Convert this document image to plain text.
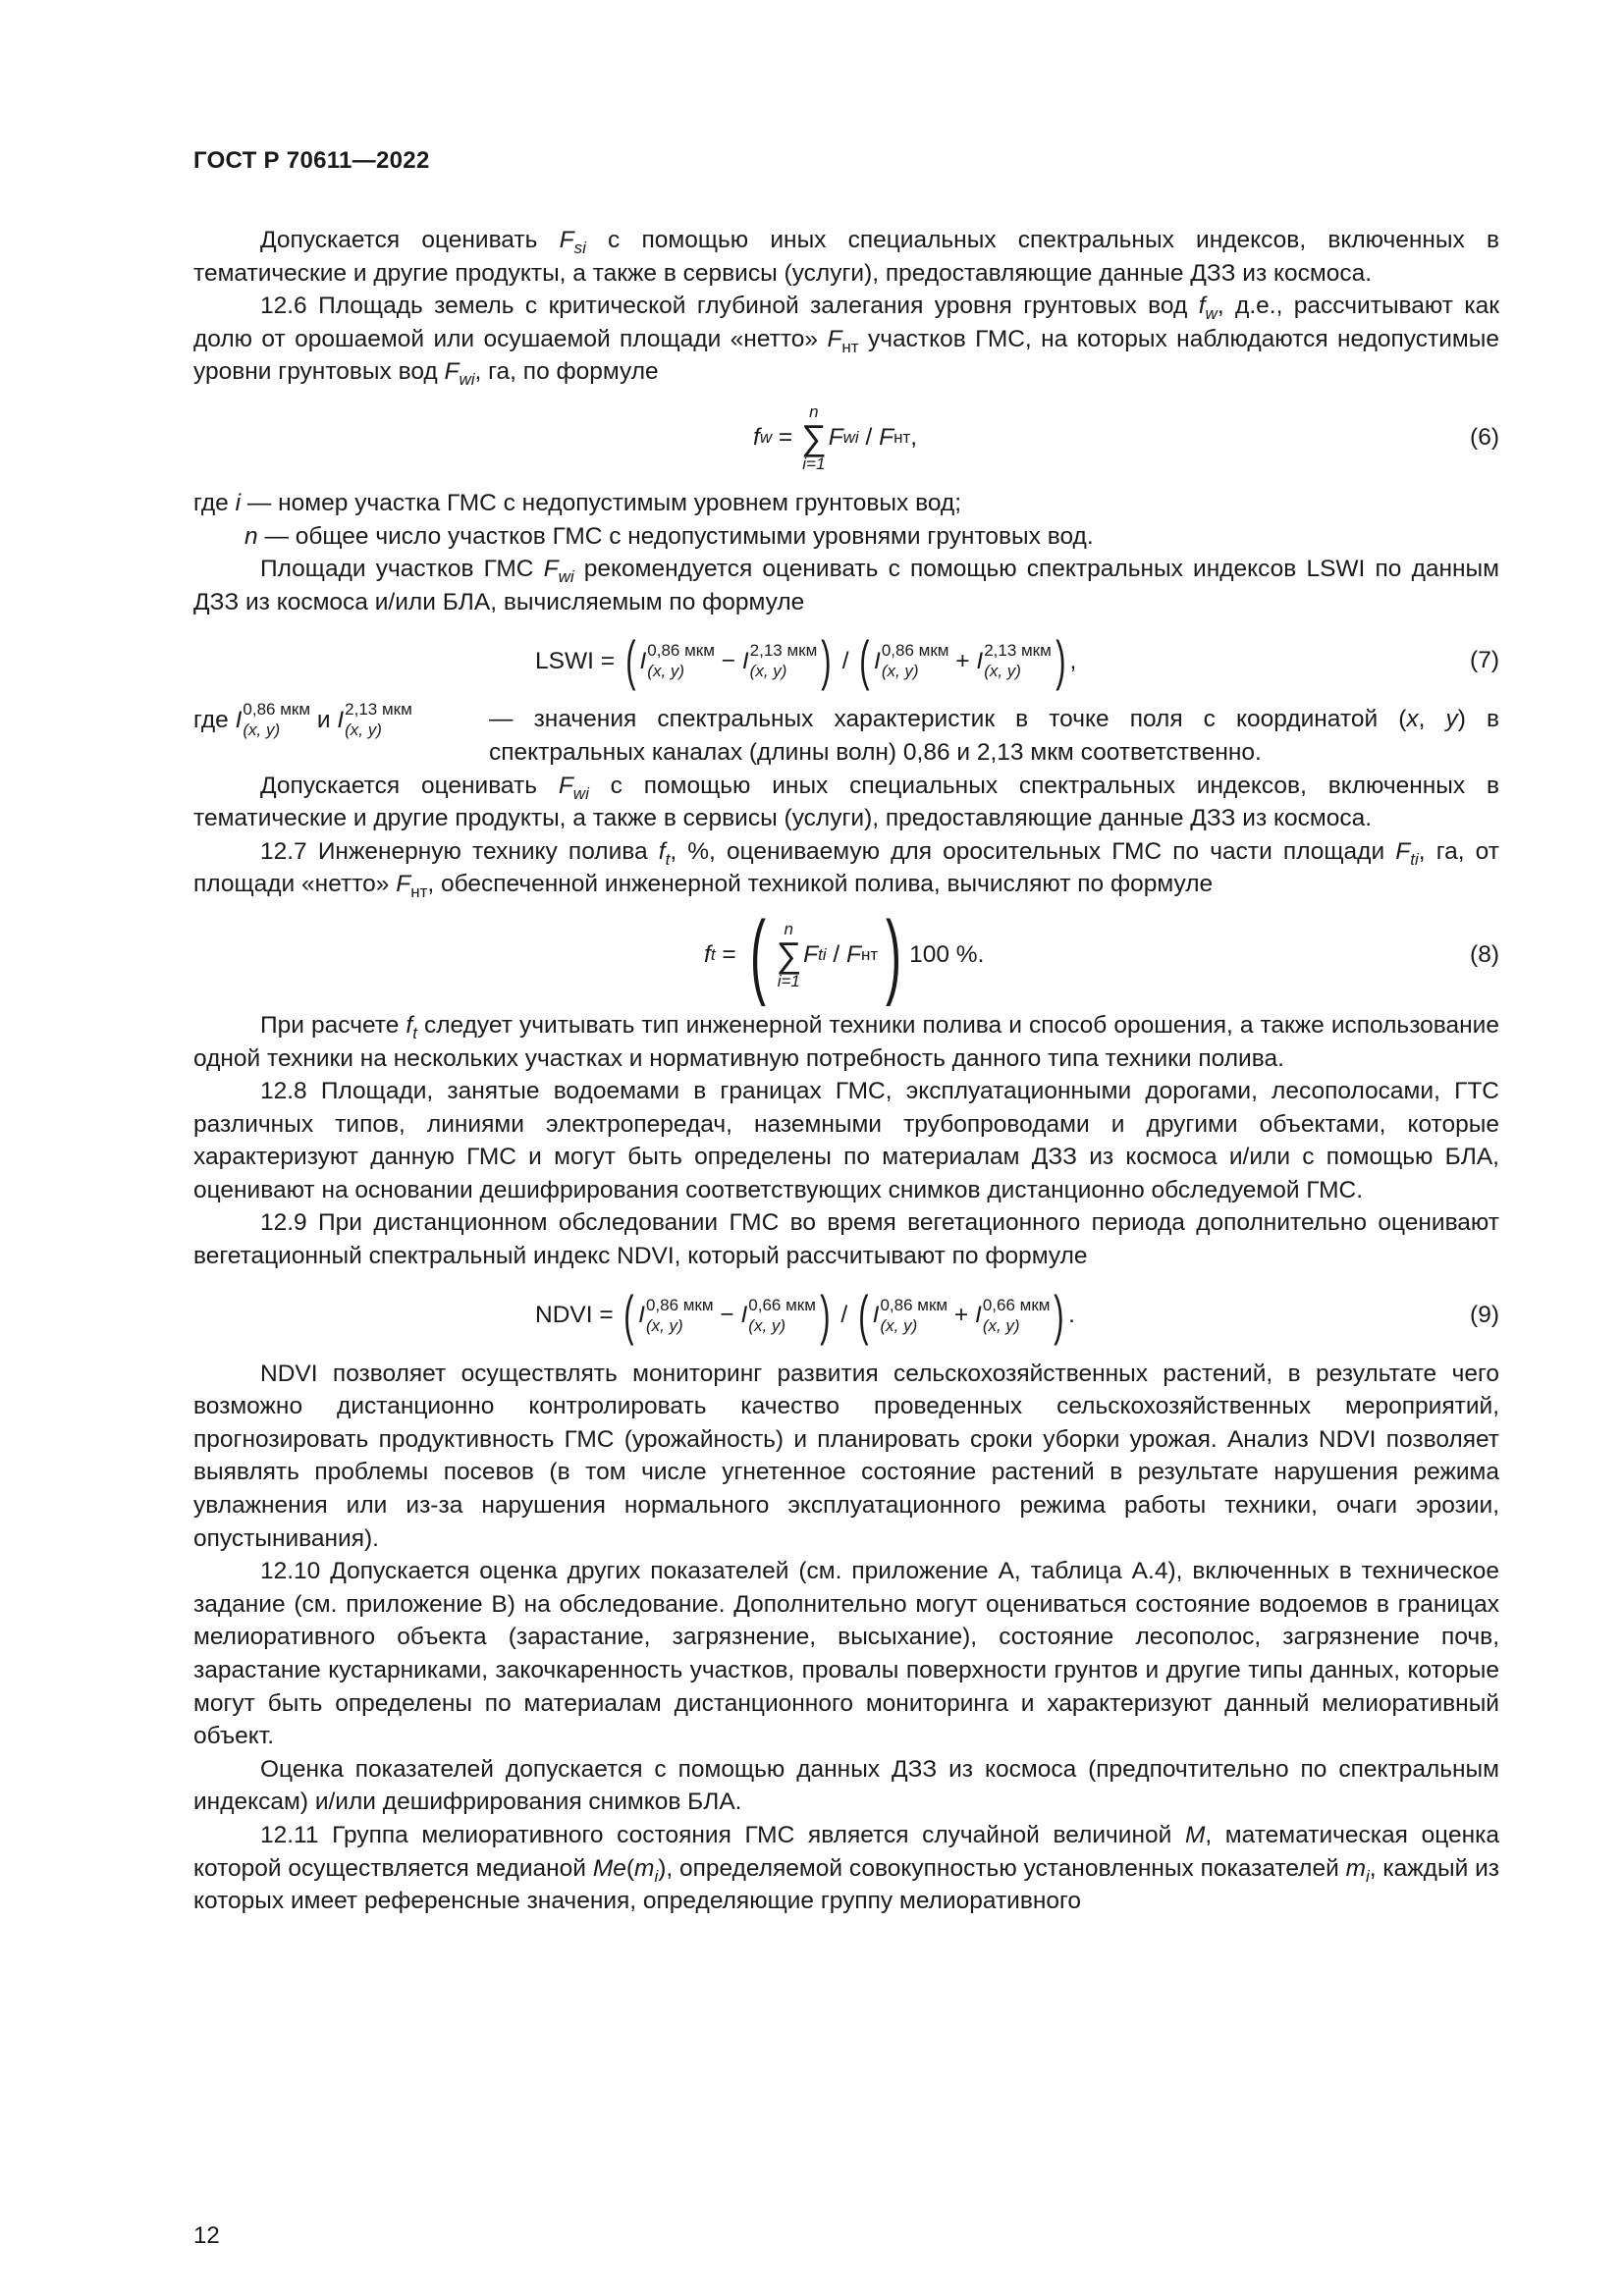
ГОСТ Р 70611—2022

Допускается оценивать $F_{si}$ с помощью иных специальных спектральных индексов, включенных в тематические и другие продукты, а также в сервисы (услуги), предоставляющие данные ДЗЗ из космоса.

12.6 Площадь земель с критической глубиной залегания уровня грунтовых вод $f_w$, д.е., рассчитывают как долю от орошаемой или осушаемой площади «нетто» $F_{нт}$ участков ГМС, на которых наблюдаются недопустимые уровни грунтовых вод $F_{wi}$, га, по формуле

f w =
n
∑
i=1
F wi / F нт ,	(6)
где i — номер участка ГМС с недопустимым уровнем грунтовых вод;
n — общее число участков ГМС с недопустимыми уровнями грунтовых вод.

Площади участков ГМС $F_{wi}$ рекомендуется оценивать с помощью спектральных индексов LSWI по данным ДЗЗ из космоса и/или БЛА, вычисляемым по формуле

LSWI = ( I 0,86 мкм
(x, y)	− I 2,13 мкм
(x, y) ) / ( I 0,86 мкм
(x, y)	+ I 2,13 мкм
(x, y) ) ,	(7)
где I 0,86 мкм
(x, y)	и I 2,13 мкм
(x, y)	— значения спектральных характеристик в точке поля с координатой (x, y) в спектральных каналах (длины волн) 0,86 и 2,13 мкм соответственно.

Допускается оценивать $F_{wi}$ с помощью иных специальных спектральных индексов, включенных в тематические и другие продукты, а также в сервисы (услуги), предоставляющие данные ДЗЗ из космоса.

12.7 Инженерную технику полива $f_t$, %, оцениваемую для оросительных ГМС по части площади $F_{ti}$, га, от площади «нетто» $F_{нт}$, обеспеченной инженерной техникой полива, вычисляют по формуле

f t = ( n
∑
i=1
F ti / F нт ) 100 %.	(8)

При расчете $f_t$ следует учитывать тип инженерной техники полива и способ орошения, а также использование одной техники на нескольких участках и нормативную потребность данного типа техники полива.

12.8 Площади, занятые водоемами в границах ГМС, эксплуатационными дорогами, лесополосами, ГТС различных типов, линиями электропередач, наземными трубопроводами и другими объектами, которые характеризуют данную ГМС и могут быть определены по материалам ДЗЗ из космоса и/или с помощью БЛА, оценивают на основании дешифрирования соответствующих снимков дистанционно обследуемой ГМС.

12.9 При дистанционном обследовании ГМС во время вегетационного периода дополнительно оценивают вегетационный спектральный индекс NDVI, который рассчитывают по формуле

NDVI = ( I 0,86 мкм
(x, y)	− I 0,66 мкм
(x, y) ) / ( I 0,86 мкм
(x, y)	+ I 0,66 мкм
(x, y) ) .	(9)

NDVI позволяет осуществлять мониторинг развития сельскохозяйственных растений, в результате чего возможно дистанционно контролировать качество проведенных сельскохозяйственных мероприятий, прогнозировать продуктивность ГМС (урожайность) и планировать сроки уборки урожая. Анализ NDVI позволяет выявлять проблемы посевов (в том числе угнетенное состояние растений в результате нарушения режима увлажнения или из-за нарушения нормального эксплуатационного режима работы техники, очаги эрозии, опустынивания).

12.10 Допускается оценка других показателей (см. приложение А, таблица А.4), включенных в техническое задание (см. приложение В) на обследование. Дополнительно могут оцениваться состояние водоемов в границах мелиоративного объекта (зарастание, загрязнение, высыхание), состояние лесополос, загрязнение почв, зарастание кустарниками, закочкаренность участков, провалы поверхности грунтов и другие типы данных, которые могут быть определены по материалам дистанционного мониторинга и характеризуют данный мелиоративный объект.

Оценка показателей допускается с помощью данных ДЗЗ из космоса (предпочтительно по спектральным индексам) и/или дешифрирования снимков БЛА.

12.11 Группа мелиоративного состояния ГМС является случайной величиной M, математическая оценка которой осуществляется медианой $Me(m_i)$, определяемой совокупностью установленных показателей $m_i$, каждый из которых имеет референсные значения, определяющие группу мелиоративного

12
